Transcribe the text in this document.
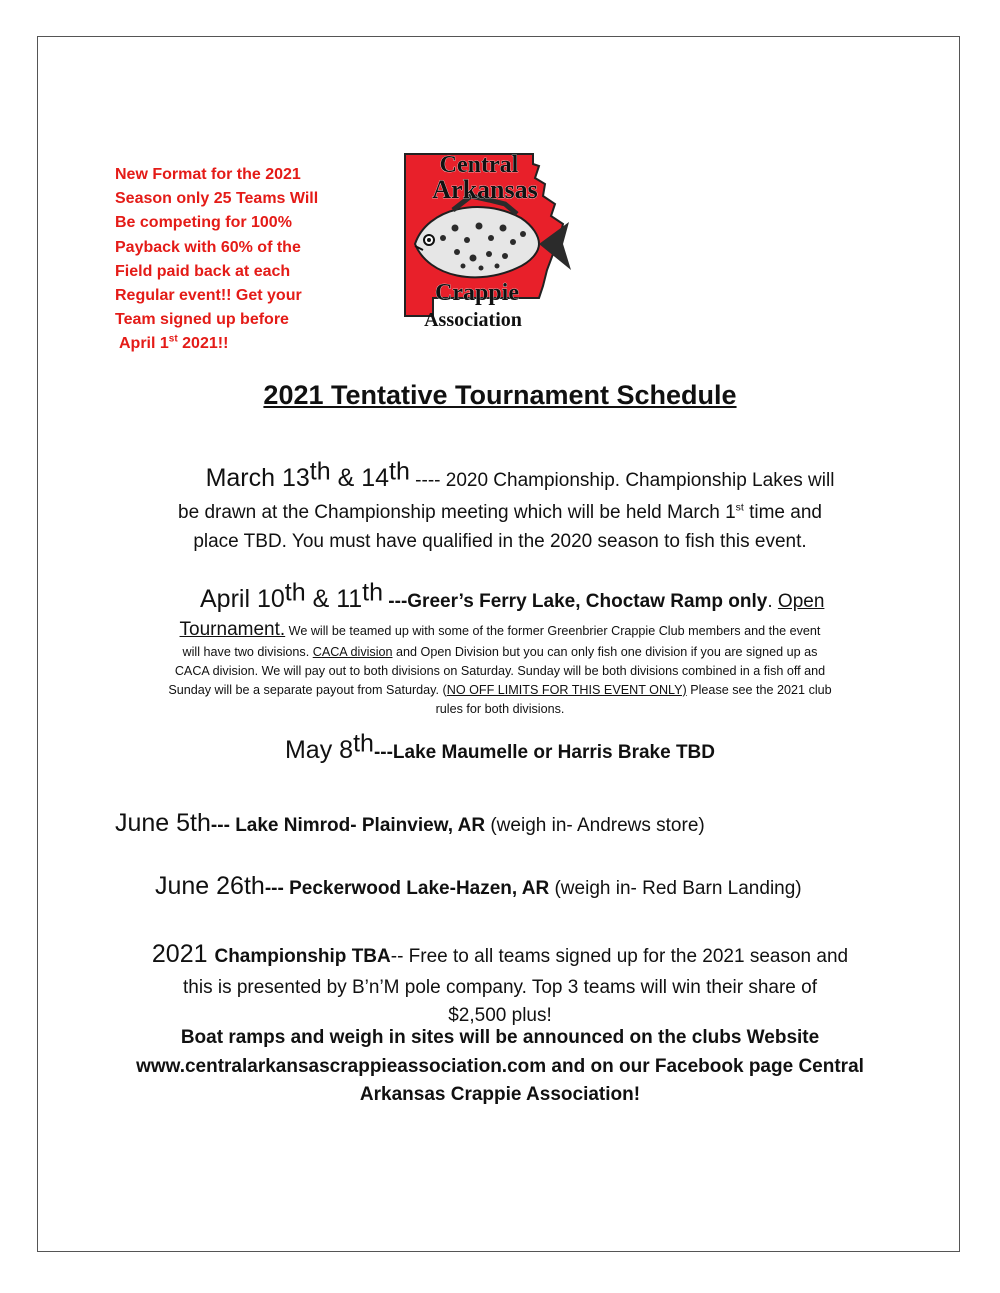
New Format for the 2021
Season only 25 Teams Will
Be competing for 100%
Payback with 60% of the
Field paid back at each
Regular event!! Get your
Team signed up before

April 1st 2021!!
Central
Arkansas
Crappie
Association
2021 Tentative Tournament Schedule
March 13th & 14th ---- 2020 Championship. Championship Lakes will
be drawn at the Championship meeting which will be held March 1st time and
place TBD. You must have qualified in the 2020 season to fish this event.
April 10th & 11th ---Greer’s Ferry Lake, Choctaw Ramp only. Open
Tournament. We will be teamed up with some of the former Greenbrier Crappie Club members and the event
will have two divisions. CACA division and Open Division but you can only fish one division if you are signed up as
CACA division. We will pay out to both divisions on Saturday. Sunday will be both divisions combined in a fish off and
Sunday will be a separate payout from Saturday. (NO OFF LIMITS FOR THIS EVENT ONLY) Please see the 2021 club
rules for both divisions.
May 8th---Lake Maumelle or Harris Brake TBD
June 5th--- Lake Nimrod- Plainview, AR (weigh in- Andrews store)
June 26th--- Peckerwood Lake-Hazen, AR (weigh in- Red Barn Landing)
2021 Championship TBA-- Free to all teams signed up for the 2021 season and
this is presented by B’n’M pole company. Top 3 teams will win their share of
$2,500 plus!
Boat ramps and weigh in sites will be announced on the clubs Website
www.centralarkansascrappieassociation.com and on our Facebook page Central
Arkansas Crappie Association!
